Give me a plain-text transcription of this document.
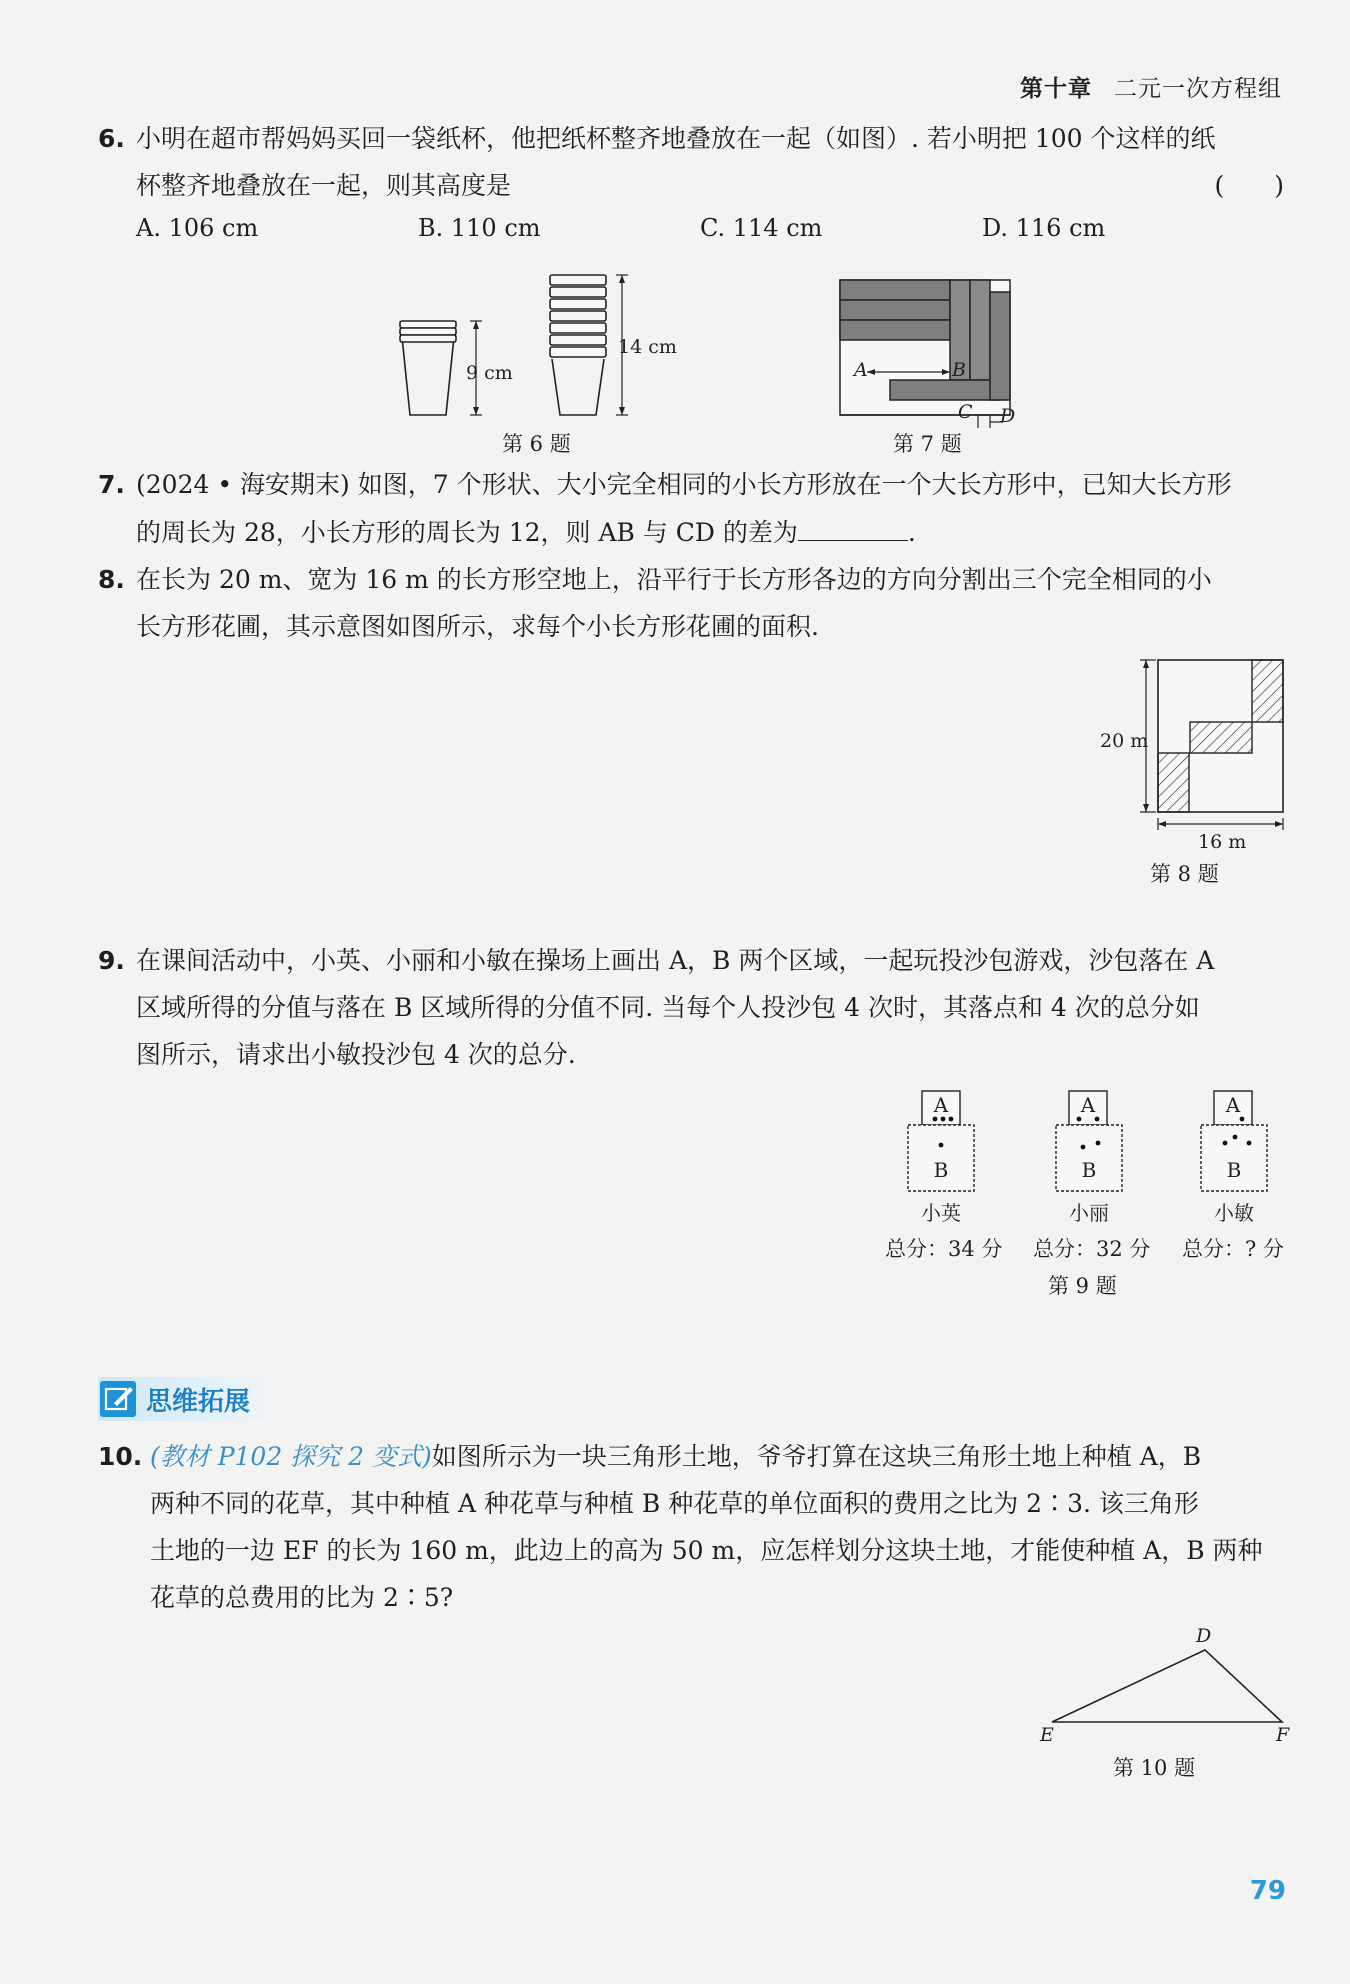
第十章 二元一次方程组
6. 小明在超市帮妈妈买回一袋纸杯，他把纸杯整齐地叠放在一起（如图）. 若小明把 100 个这样的纸
杯整齐地叠放在一起，则其高度是	(　　)
A. 106 cm	B. 110 cm	C. 114 cm	D. 116 cm
9 cm
14 cm
第 6 题
A	B
C D
第 7 题
7. (2024 • 海安期末) 如图，7 个形状、大小完全相同的小长方形放在一个大长方形中，已知大长方形
的周长为 28，小长方形的周长为 12，则 AB 与 CD 的差为	.
8. 在长为 20 m、宽为 16 m 的长方形空地上，沿平行于长方形各边的方向分割出三个完全相同的小
长方形花圃，其示意图如图所示，求每个小长方形花圃的面积.
20 m
16 m
第 8 题
9. 在课间活动中，小英、小丽和小敏在操场上画出 A，B 两个区域，一起玩投沙包游戏，沙包落在 A
区域所得的分值与落在 B 区域所得的分值不同. 当每个人投沙包 4 次时，其落点和 4 次的总分如
图所示，请求出小敏投沙包 4 次的总分.
A
B
A
B
A
B
小英	小丽	小敏
总分：34 分 总分：32 分 总分：? 分
第 9 题
思维拓展
10. (教材 P102 探究 2 变式)如图所示为一块三角形土地，爷爷打算在这块三角形土地上种植 A，B
两种不同的花草，其中种植 A 种花草与种植 B 种花草的单位面积的费用之比为 2∶3. 该三角形
土地的一边 EF 的长为 160 m，此边上的高为 50 m，应怎样划分这块土地，才能使种植 A，B 两种
花草的总费用的比为 2∶5?
D
E	F
第 10 题
79
